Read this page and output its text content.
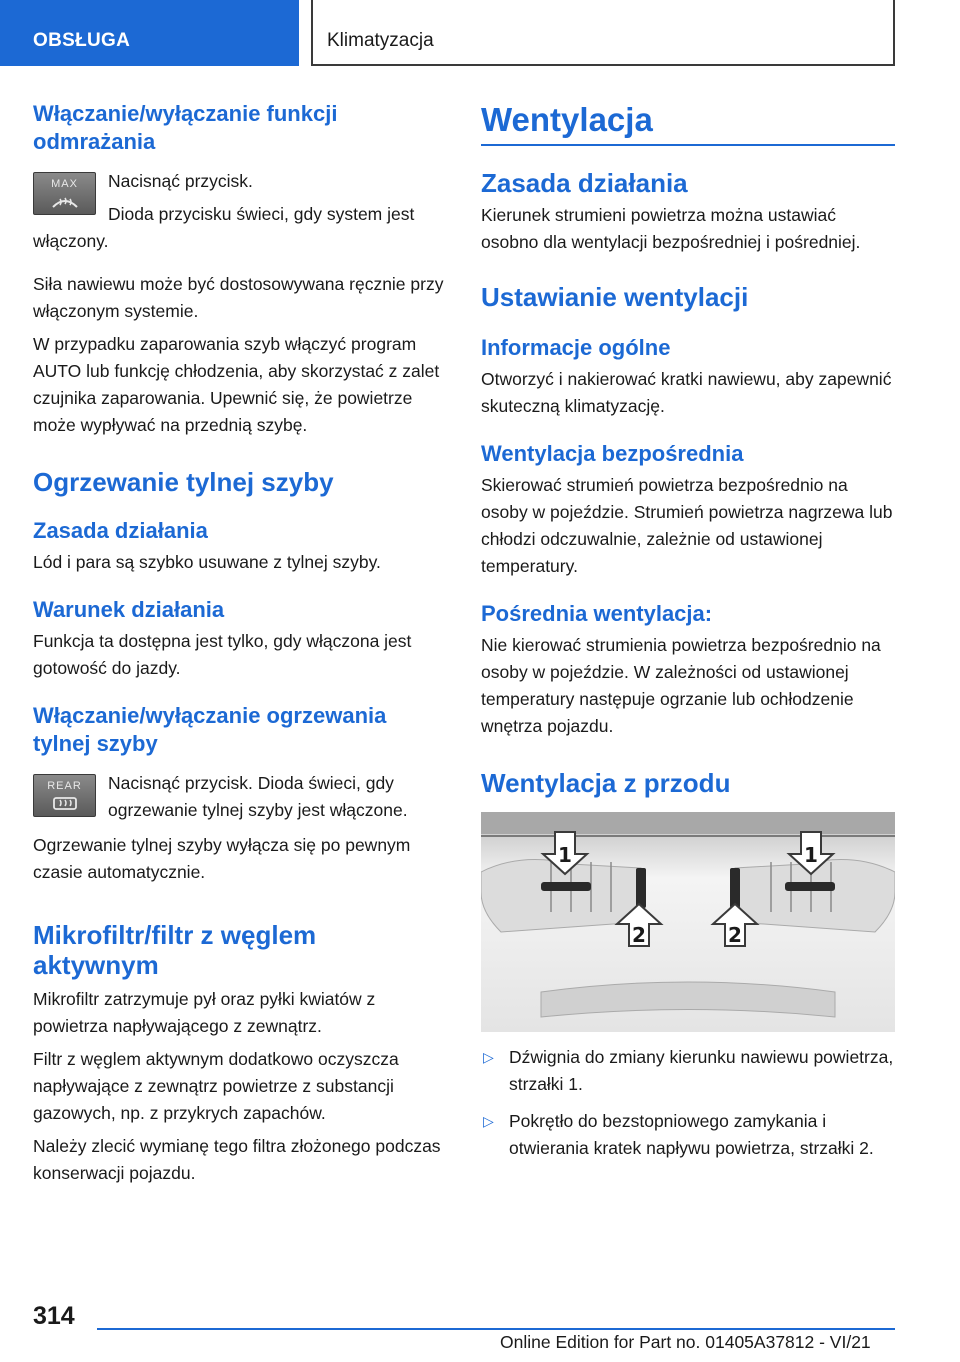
OBSŁUGA	Klimatyzacja
Włączanie/wyłączanie funkcji odmrażania
MAX	Nacisnąć przycisk.

Dioda przycisku świeci, gdy system jest włączony.

Siła nawiewu może być dostosowywana ręcznie przy włączonym systemie.

W przypadku zaparowania szyb włączyć program AUTO lub funkcję chłodzenia, aby skorzystać z zalet czujnika zaparowania. Upewnić się, że powietrze może wypływać na przednią szybę.

Ogrzewanie tylnej szyby
Zasada działania

Lód i para są szybko usuwane z tylnej szyby.

Warunek działania

Funkcja ta dostępna jest tylko, gdy włączona jest gotowość do jazdy.

Włączanie/wyłączanie ogrzewania tylnej szyby
REAR	Nacisnąć przycisk. Dioda świeci, gdy ogrzewanie tylnej szyby jest włączone.

Ogrzewanie tylnej szyby wyłącza się po pewnym czasie automatycznie.

Mikrofiltr/filtr z węglem aktywnym

Mikrofiltr zatrzymuje pył oraz pyłki kwiatów z powietrza napływającego z zewnątrz.

Filtr z węglem aktywnym dodatkowo oczyszcza napływające z zewnątrz powietrze z substancji gazowych, np. z przykrych zapachów.

Należy zlecić wymianę tego filtra złożonego podczas konserwacji pojazdu.

Wentylacja
Zasada działania

Kierunek strumieni powietrza można ustawiać osobno dla wentylacji bezpośredniej i pośredniej.

Ustawianie wentylacji
Informacje ogólne

Otworzyć i nakierować kratki nawiewu, aby zapewnić skuteczną klimatyzację.

Wentylacja bezpośrednia

Skierować strumień powietrza bezpośrednio na osoby w pojeździe. Strumień powietrza nagrzewa lub chłodzi odczuwalnie, zależnie od ustawionej temperatury.

Pośrednia wentylacja:

Nie kierować strumienia powietrza bezpośrednio na osoby w pojeździe. W zależności od ustawionej temperatury następuje ogrzanie lub ochłodzenie wnętrza pojazdu.

Wentylacja z przodu
1	1
2	2
▷ Dźwignia do zmiany kierunku nawiewu powietrza, strzałki 1.
▷ Pokrętło do bezstopniowego zamykania i otwierania kratek napływu powietrza, strzałki 2.
314
Online Edition for Part no. 01405A37812 - VI/21
